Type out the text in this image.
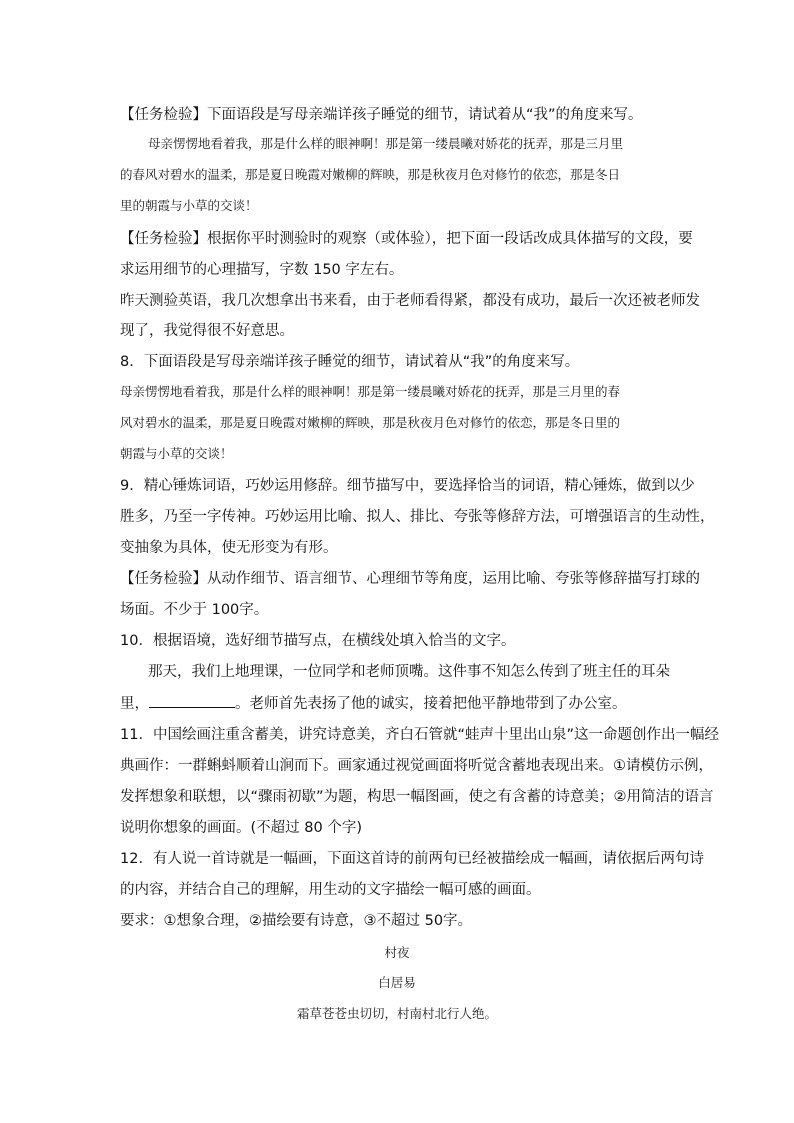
【任务检验】下面语段是写母亲端详孩子睡觉的细节，请试着从“我”的角度来写。
母亲愣愣地看着我，那是什么样的眼神啊！那是第一缕晨曦对娇花的抚弄，那是三月里
的春风对碧水的温柔，那是夏日晚霞对嫩柳的辉映，那是秋夜月色对修竹的依恋，那是冬日
里的朝霞与小草的交谈！
【任务检验】根据你平时测验时的观察（或体验），把下面一段话改成具体描写的文段，要
求运用细节的心理描写，字数 150 字左右。
昨天测验英语，我几次想拿出书来看，由于老师看得紧，都没有成功，最后一次还被老师发
现了，我觉得很不好意思。
8．下面语段是写母亲端详孩子睡觉的细节，请试着从“我”的角度来写。
母亲愣愣地看着我，那是什么样的眼神啊！那是第一缕晨曦对娇花的抚弄，那是三月里的春
风对碧水的温柔，那是夏日晚霞对嫩柳的辉映，那是秋夜月色对修竹的依恋，那是冬日里的
朝霞与小草的交谈！
9．精心锤炼词语，巧妙运用修辞。细节描写中，要选择恰当的词语，精心锤炼，做到以少
胜多，乃至一字传神。巧妙运用比喻、拟人、排比、夸张等修辞方法，可增强语言的生动性，
变抽象为具体，使无形变为有形。
【任务检验】从动作细节、语言细节、心理细节等角度，运用比喻、夸张等修辞描写打球的
场面。不少于 100字。
10．根据语境，选好细节描写点，在横线处填入恰当的文字。
那天，我们上地理课，一位同学和老师顶嘴。这件事不知怎么传到了班主任的耳朵
里，	。老师首先表扬了他的诚实，接着把他平静地带到了办公室。
11．中国绘画注重含蓄美，讲究诗意美，齐白石管就“蛙声十里出山泉”这一命题创作出一幅经
典画作：一群蝌蚪顺着山涧而下。画家通过视觉画面将听觉含蓄地表现出来。①请模仿示例，
发挥想象和联想，以“骤雨初歇”为题，构思一幅图画，使之有含蓄的诗意美；②用简洁的语言
说明你想象的画面。(不超过 80 个字)
12．有人说一首诗就是一幅画，下面这首诗的前两句已经被描绘成一幅画，请依据后两句诗
的内容，并结合自己的理解，用生动的文字描绘一幅可感的画面。
要求：①想象合理，②描绘要有诗意，③不超过 50字。
村夜
白居易
霜草苍苍虫切切，村南村北行人绝。
